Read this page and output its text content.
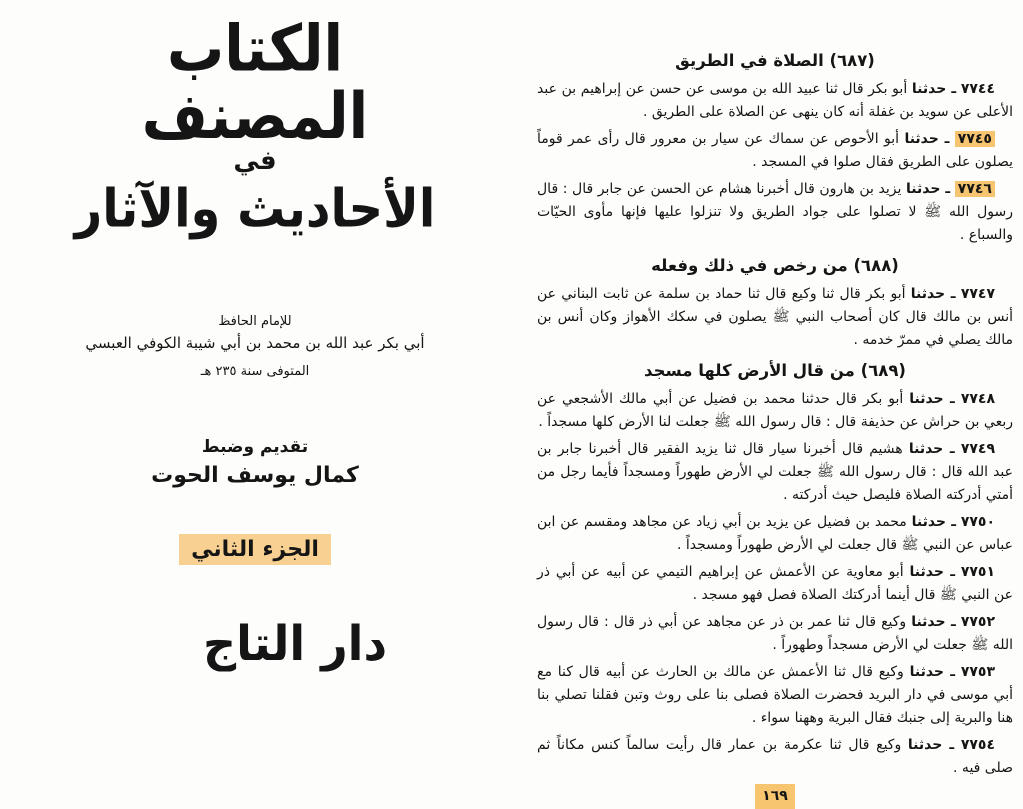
الكتاب المصنف
في
الأحاديث والآثار
للإمام الحافظ
أبي بكر عبد الله بن محمد بن أبي شيبة الكوفي العبسي
المتوفى سنة ٢٣٥ هـ
تقديم وضبط
كمال يوسف الحوت
الجزء الثاني
دار التاج
(٦٨٧) الصلاة في الطريق

٧٧٤٤ ـ حدثنا أبو بكر قال ثنا عبيد الله بن موسى عن حسن عن إبراهيم بن عبد الأعلى عن سويد بن غفلة أنه كان ينهى عن الصلاة على الطريق .

٧٧٤٥ ـ حدثنا أبو الأحوص عن سماك عن سيار بن معرور قال رأى عمر قوماً يصلون على الطريق فقال صلوا في المسجد .

٧٧٤٦ ـ حدثنا يزيد بن هارون قال أخبرنا هشام عن الحسن عن جابر قال : قال رسول الله ﷺ لا تصلوا على جواد الطريق ولا تنزلوا عليها فإنها مأوى الحيّات والسباع .

(٦٨٨) من رخص في ذلك وفعله

٧٧٤٧ ـ حدثنا أبو بكر قال ثنا وكيع قال ثنا حماد بن سلمة عن ثابت البناني عن أنس بن مالك قال كان أصحاب النبي ﷺ يصلون في سكك الأهواز وكان أنس بن مالك يصلي في ممرّ خدمه .

(٦٨٩) من قال الأرض كلها مسجد

٧٧٤٨ ـ حدثنا أبو بكر قال حدثنا محمد بن فضيل عن أبي مالك الأشجعي عن ربعي بن حراش عن حذيفة قال : قال رسول الله ﷺ جعلت لنا الأرض كلها مسجداً .

٧٧٤٩ ـ حدثنا هشيم قال أخبرنا سيار قال ثنا يزيد الفقير قال أخبرنا جابر بن عبد الله قال : قال رسول الله ﷺ جعلت لي الأرض طهوراً ومسجداً فأيما رجل من أمتي أدركته الصلاة فليصل حيث أدركته .

٧٧٥٠ ـ حدثنا محمد بن فضيل عن يزيد بن أبي زياد عن مجاهد ومقسم عن ابن عباس عن النبي ﷺ قال جعلت لي الأرض طهوراً ومسجداً .

٧٧٥١ ـ حدثنا أبو معاوية عن الأعمش عن إبراهيم التيمي عن أبيه عن أبي ذر عن النبي ﷺ قال أينما أدركتك الصلاة فصل فهو مسجد .

٧٧٥٢ ـ حدثنا وكيع قال ثنا عمر بن ذر عن مجاهد عن أبي ذر قال : قال رسول الله ﷺ جعلت لي الأرض مسجداً وطهوراً .

٧٧٥٣ ـ حدثنا وكيع قال ثنا الأعمش عن مالك بن الحارث عن أبيه قال كنا مع أبي موسى في دار البريد فحضرت الصلاة فصلى بنا على روث وتبن فقلنا تصلي بنا هنا والبرية إلى جنبك فقال البرية وههنا سواء .

٧٧٥٤ ـ حدثنا وكيع قال ثنا عكرمة بن عمار قال رأيت سالماً كنس مكاناً ثم صلى فيه .

١٦٩
